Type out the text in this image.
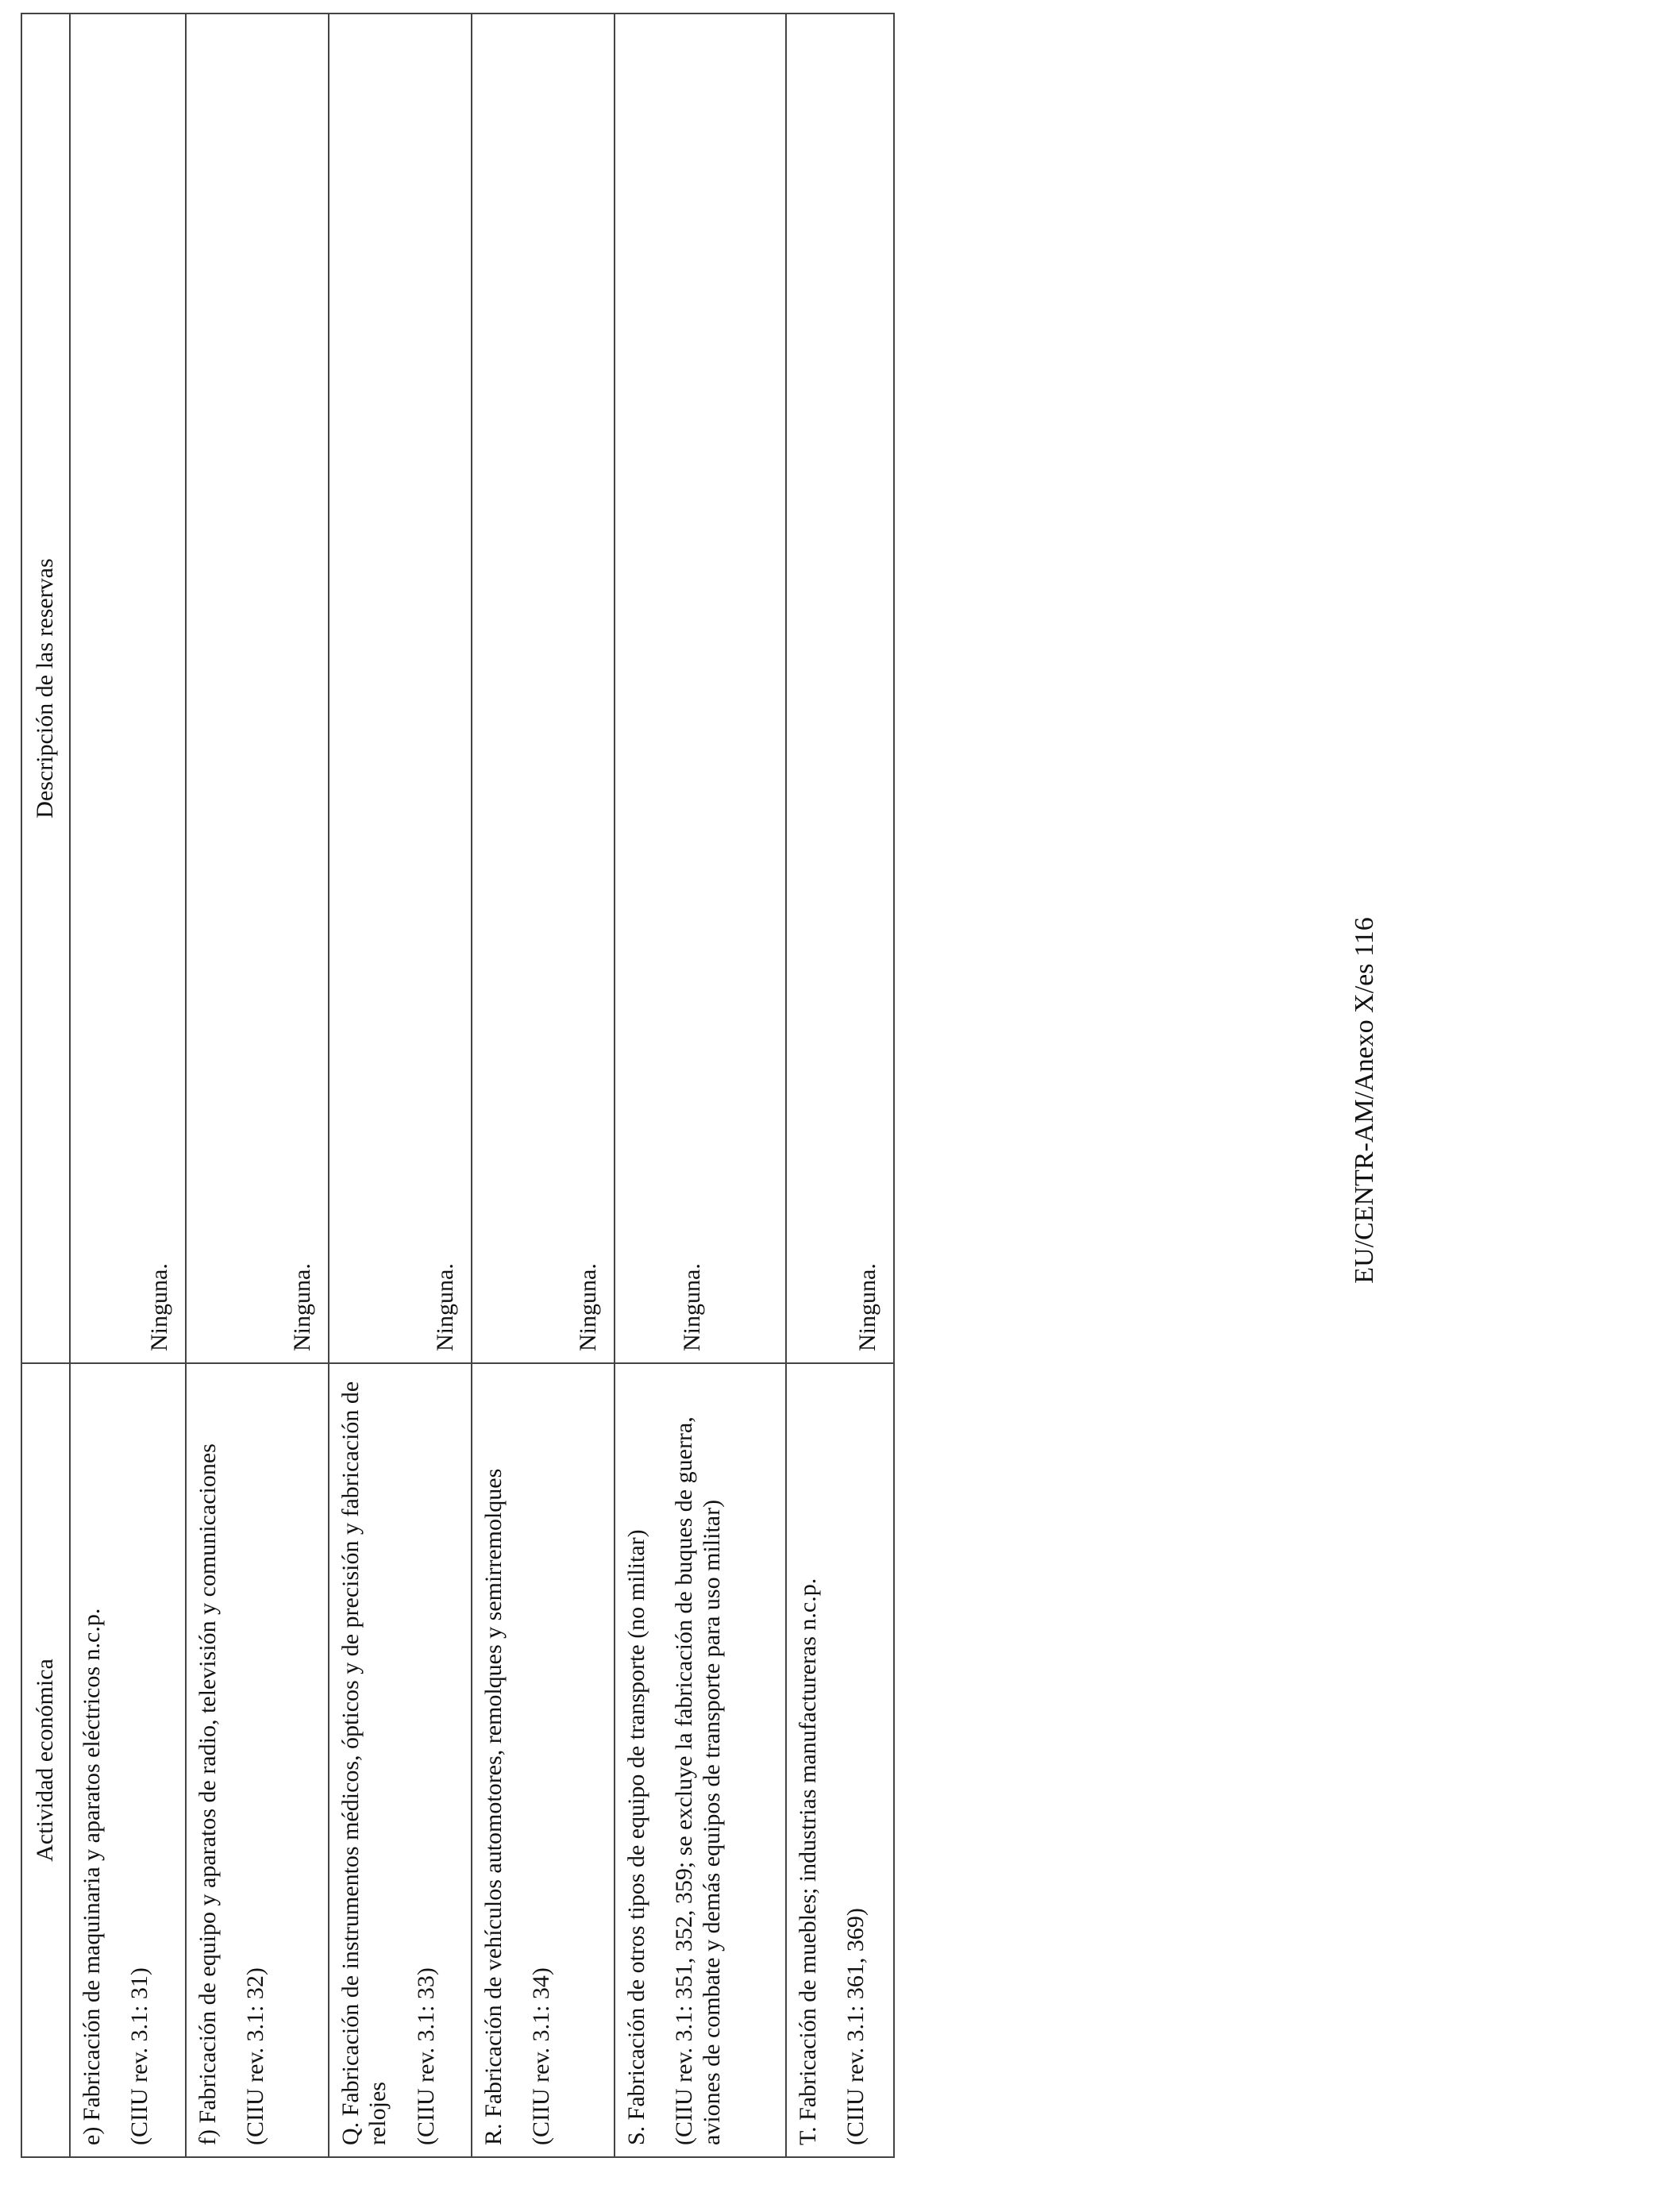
Actividad económica	Descripción de las reservas

e) Fabricación de maquinaria y aparatos eléctricos n.c.p. (CIIU rev. 3.1: 31)	Ninguna.

f) Fabricación de equipo y aparatos de radio, televisión y comunicaciones (CIIU rev. 3.1: 32)	Ninguna.

Q. Fabricación de instrumentos médicos, ópticos y de precisión y fabricación de relojes (CIIU rev. 3.1: 33)	Ninguna.

R. Fabricación de vehículos automotores, remolques y semirremolques (CIIU rev. 3.1: 34)	Ninguna.

S. Fabricación de otros tipos de equipo de transporte (no militar) (CIIU rev. 3.1: 351, 352, 359; se excluye la fabricación de buques de guerra, aviones de combate y demás equipos de transporte para uso militar)	Ninguna.

T. Fabricación de muebles; industrias manufactureras n.c.p. (CIIU rev. 3.1: 361, 369)	Ninguna.
EU/CENTR-AM/Anexo X/es 116
